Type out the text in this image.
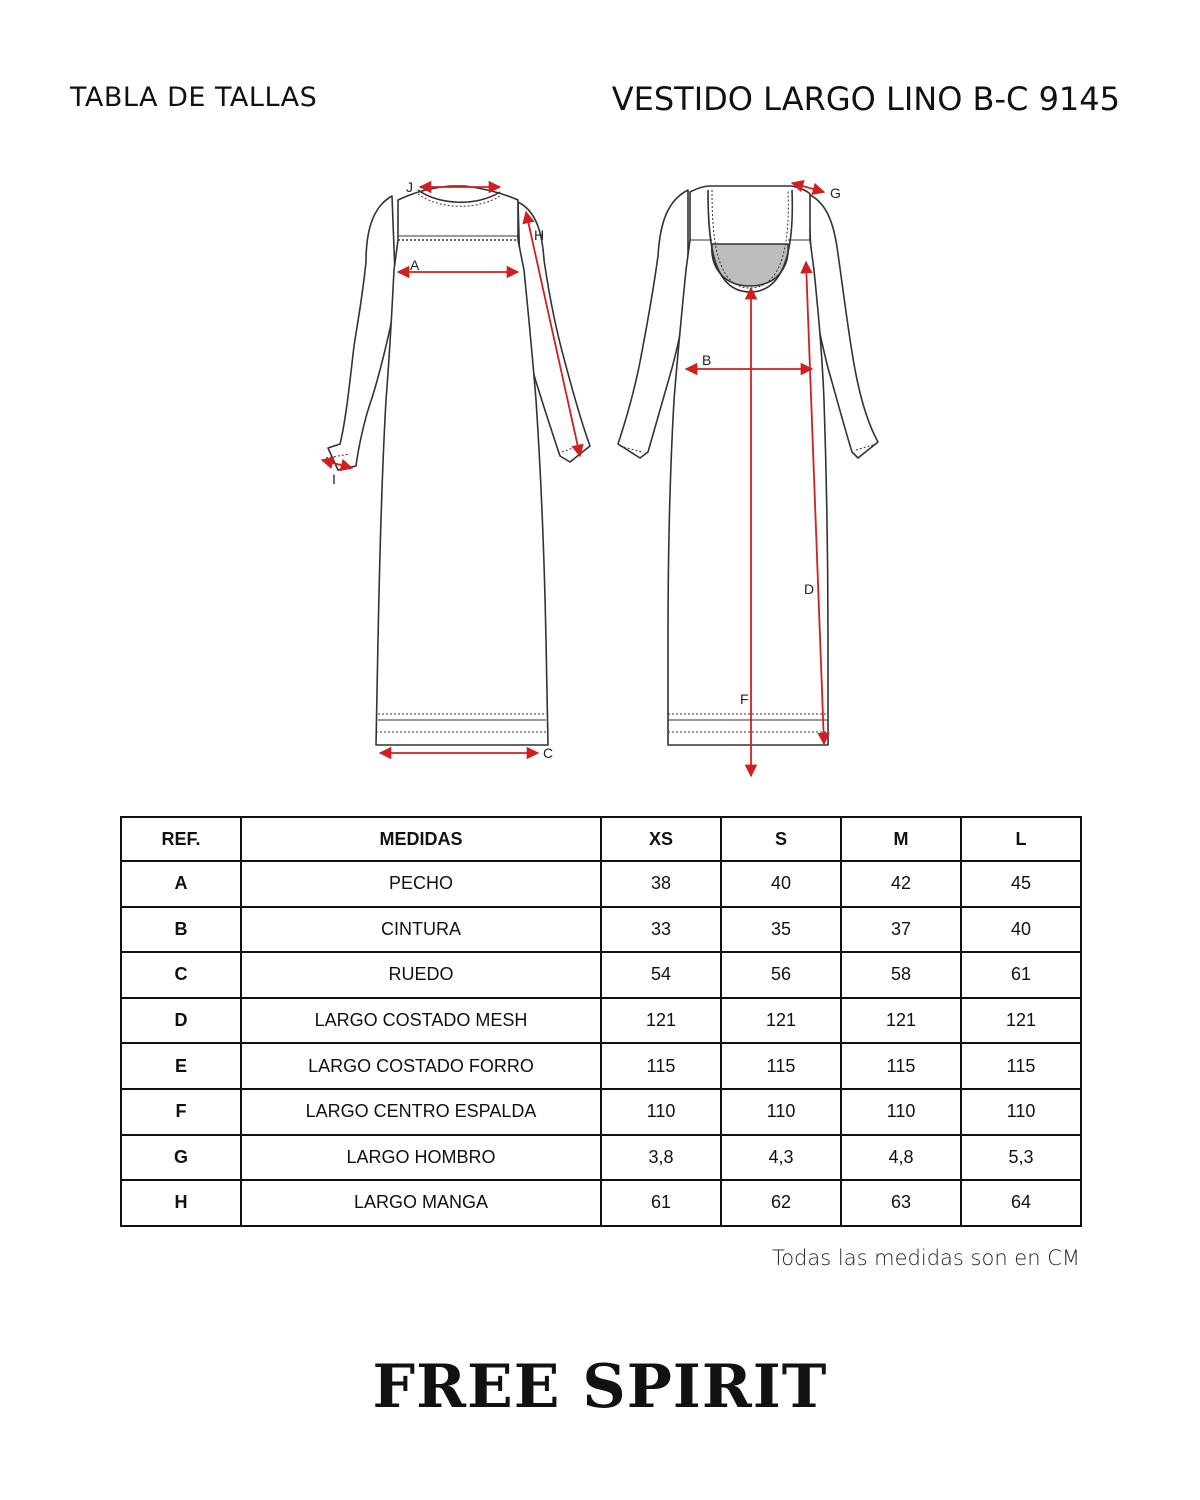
TABLA DE TALLAS	VESTIDO LARGO LINO B-C 9145
J
A
H
I
C
G
B
D
F
REF.	MEDIDAS	XS	S	M	L
A	PECHO	38	40	42	45
B	CINTURA	33	35	37	40
C	RUEDO	54	56	58	61
D	LARGO COSTADO MESH	121	121	121	121
E	LARGO COSTADO FORRO	115	115	115	115
F	LARGO CENTRO ESPALDA	110	110	110	110
G	LARGO HOMBRO	3,8	4,3	4,8	5,3
H	LARGO MANGA	61	62	63	64
Todas las medidas son en CM
FREE SPIRIT
